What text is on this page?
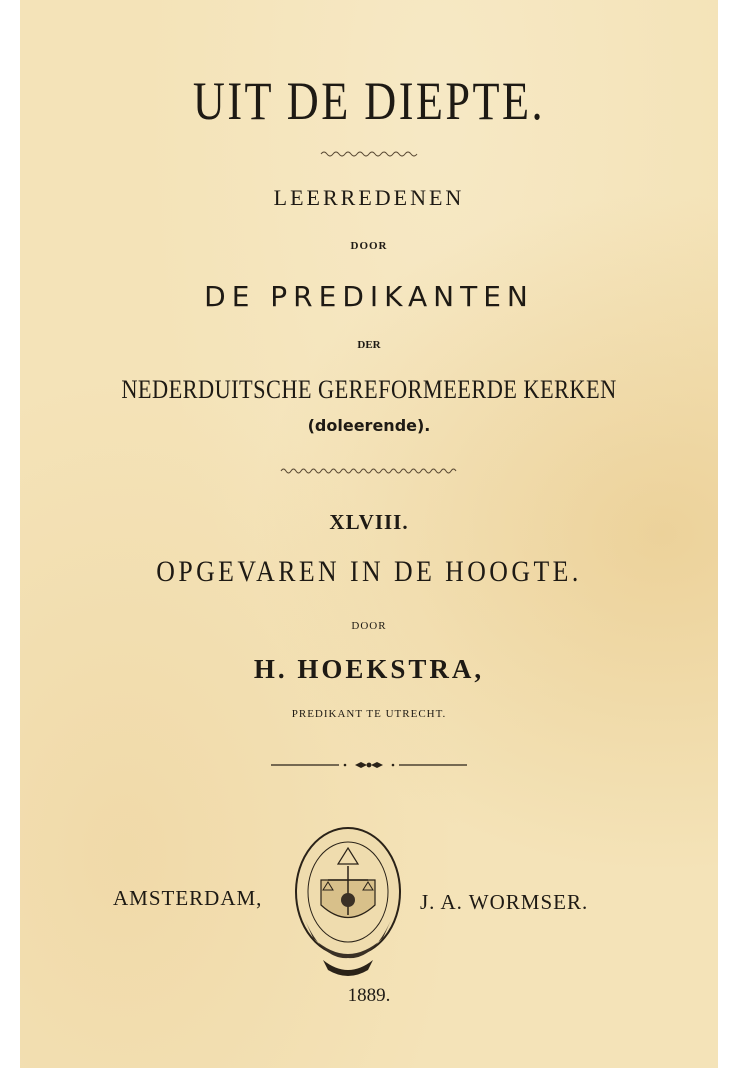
UIT DE DIEPTE.
LEERREDENEN
DOOR
DE PREDIKANTEN
DER
NEDERDUITSCHE GEREFORMEERDE KERKEN
(doleerende).
XLVIII.
OPGEVAREN IN DE HOOGTE.
DOOR
H. HOEKSTRA,
PREDIKANT TE UTRECHT.
AMSTERDAM,	J. A. WORMSER.
1889.
